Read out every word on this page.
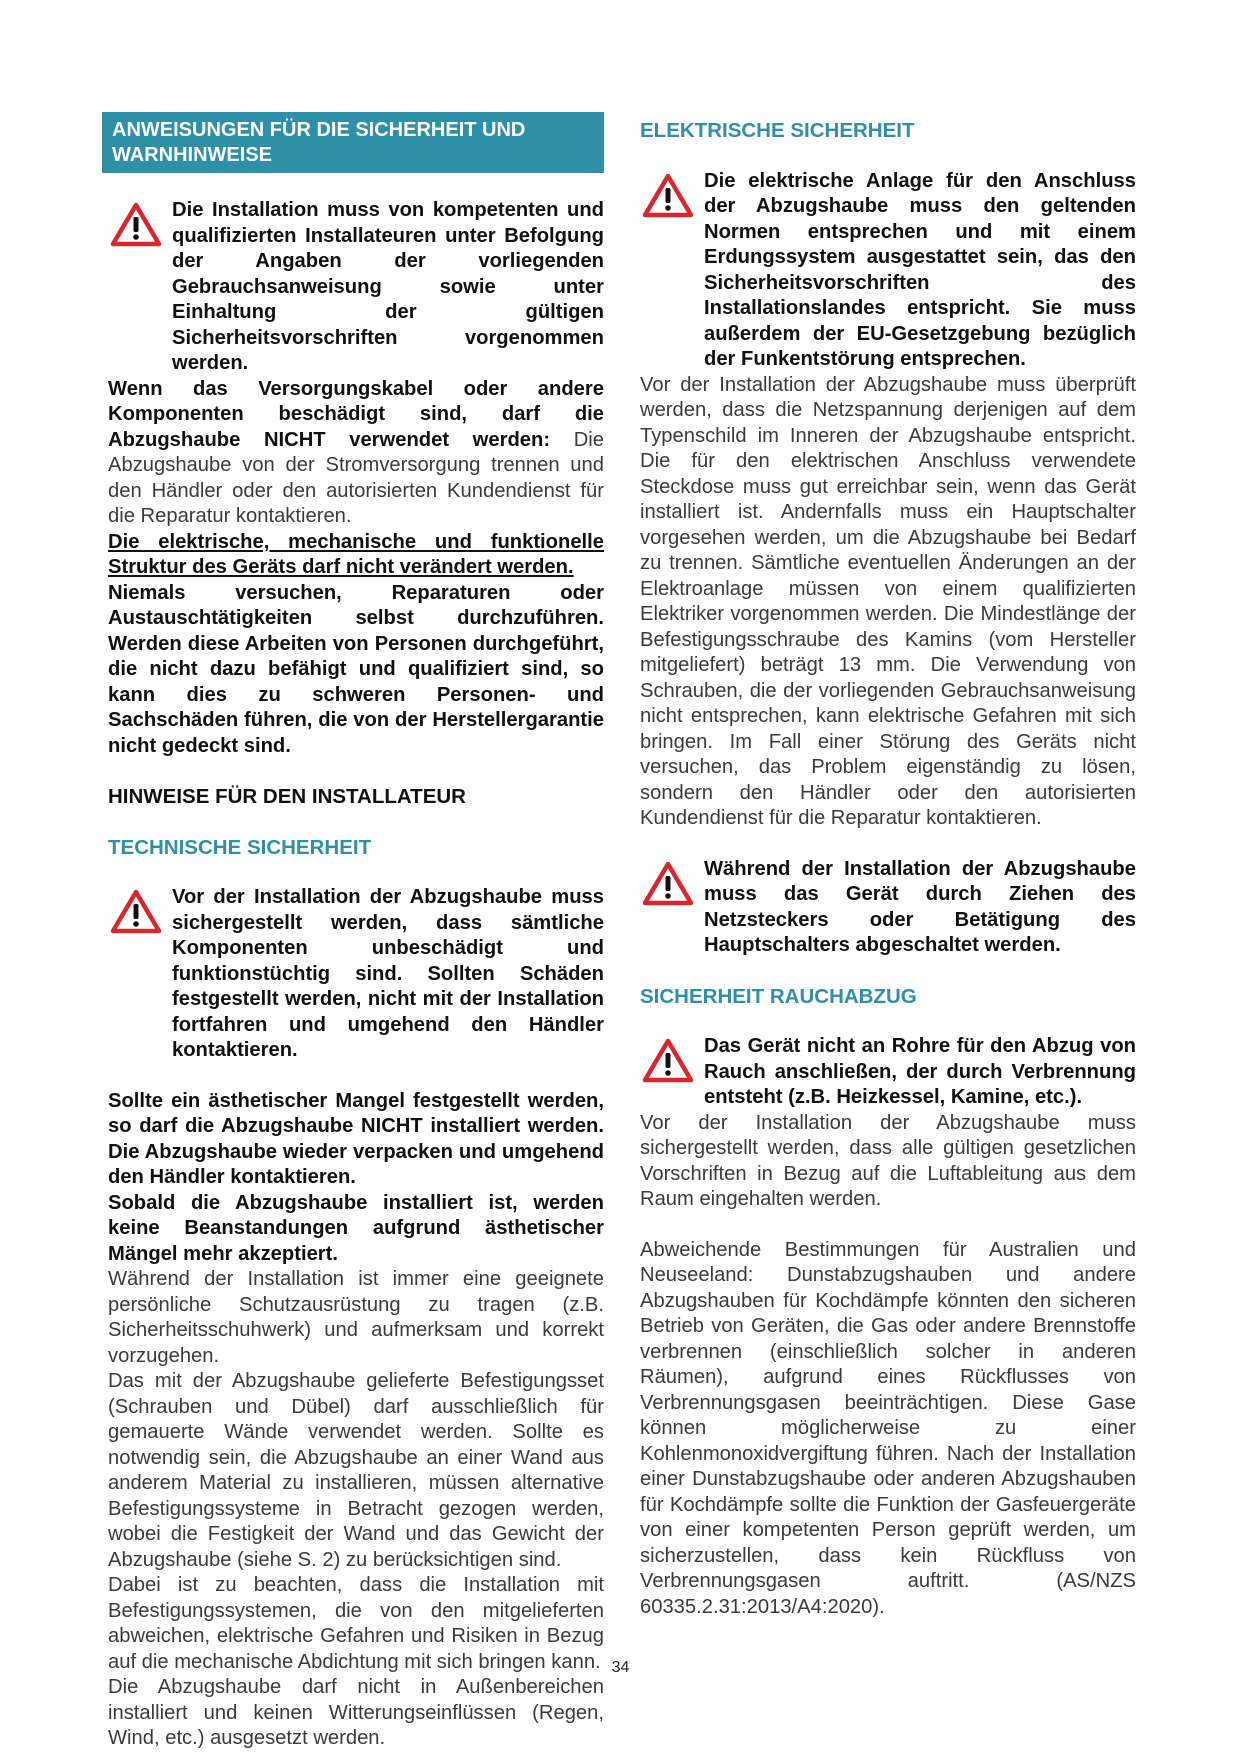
ANWEISUNGEN FÜR DIE SICHERHEIT UND WARNHINWEISE

Die Installation muss von kompetenten und qualifizierten Installateuren unter Befolgung der Angaben der vorliegenden Gebrauchsanweisung sowie unter Einhaltung der gültigen Sicherheitsvorschriften vorgenommen werden.

Wenn das Versorgungskabel oder andere Komponenten beschädigt sind, darf die Abzugshaube NICHT verwendet werden: Die Abzugshaube von der Stromversorgung trennen und den Händler oder den autorisierten Kundendienst für die Reparatur kontaktieren.

Die elektrische, mechanische und funktionelle Struktur des Geräts darf nicht verändert werden.

Niemals versuchen, Reparaturen oder Austauschtätigkeiten selbst durchzuführen. Werden diese Arbeiten von Personen durchgeführt, die nicht dazu befähigt und qualifiziert sind, so kann dies zu schweren Personen- und Sachschäden führen, die von der Herstellergarantie nicht gedeckt sind.

HINWEISE FÜR DEN INSTALLATEUR

TECHNISCHE SICHERHEIT

Vor der Installation der Abzugshaube muss sichergestellt werden, dass sämtliche Komponenten unbeschädigt und funktionstüchtig sind. Sollten Schäden festgestellt werden, nicht mit der Installation fortfahren und umgehend den Händler kontaktieren.

Sollte ein ästhetischer Mangel festgestellt werden, so darf die Abzugshaube NICHT installiert werden. Die Abzugshaube wieder verpacken und umgehend den Händler kontaktieren.

Sobald die Abzugshaube installiert ist, werden keine Beanstandungen aufgrund ästhetischer Mängel mehr akzeptiert.

Während der Installation ist immer eine geeignete persönliche Schutzausrüstung zu tragen (z.B. Sicherheitsschuhwerk) und aufmerksam und korrekt vorzugehen.

Das mit der Abzugshaube gelieferte Befestigungsset (Schrauben und Dübel) darf ausschließlich für gemauerte Wände verwendet werden. Sollte es notwendig sein, die Abzugshaube an einer Wand aus anderem Material zu installieren, müssen alternative Befestigungssysteme in Betracht gezogen werden, wobei die Festigkeit der Wand und das Gewicht der Abzugshaube (siehe S. 2) zu berücksichtigen sind.

Dabei ist zu beachten, dass die Installation mit Befestigungssystemen, die von den mitgelieferten abweichen, elektrische Gefahren und Risiken in Bezug auf die mechanische Abdichtung mit sich bringen kann.

Die Abzugshaube darf nicht in Außenbereichen installiert und keinen Witterungseinflüssen (Regen, Wind, etc.) ausgesetzt werden.

ELEKTRISCHE SICHERHEIT

Die elektrische Anlage für den Anschluss der Abzugshaube muss den geltenden Normen entsprechen und mit einem Erdungssystem ausgestattet sein, das den Sicherheitsvorschriften des Installationslandes entspricht. Sie muss außerdem der EU-Gesetzgebung bezüglich der Funkentstörung entsprechen.

Vor der Installation der Abzugshaube muss überprüft werden, dass die Netzspannung derjenigen auf dem Typenschild im Inneren der Abzugshaube entspricht. Die für den elektrischen Anschluss verwendete Steckdose muss gut erreichbar sein, wenn das Gerät installiert ist. Andernfalls muss ein Hauptschalter vorgesehen werden, um die Abzugshaube bei Bedarf zu trennen. Sämtliche eventuellen Änderungen an der Elektroanlage müssen von einem qualifizierten Elektriker vorgenommen werden. Die Mindestlänge der Befestigungsschraube des Kamins (vom Hersteller mitgeliefert) beträgt 13 mm. Die Verwendung von Schrauben, die der vorliegenden Gebrauchsanweisung nicht entsprechen, kann elektrische Gefahren mit sich bringen. Im Fall einer Störung des Geräts nicht versuchen, das Problem eigenständig zu lösen, sondern den Händler oder den autorisierten Kundendienst für die Reparatur kontaktieren.

Während der Installation der Abzugshaube muss das Gerät durch Ziehen des Netzsteckers oder Betätigung des Hauptschalters abgeschaltet werden.

SICHERHEIT RAUCHABZUG

Das Gerät nicht an Rohre für den Abzug von Rauch anschließen, der durch Verbrennung entsteht (z.B. Heizkessel, Kamine, etc.).

Vor der Installation der Abzugshaube muss sichergestellt werden, dass alle gültigen gesetzlichen Vorschriften in Bezug auf die Luftableitung aus dem Raum eingehalten werden.

Abweichende Bestimmungen für Australien und Neuseeland: Dunstabzugshauben und andere Abzugshauben für Kochdämpfe könnten den sicheren Betrieb von Geräten, die Gas oder andere Brennstoffe verbrennen (einschließlich solcher in anderen Räumen), aufgrund eines Rückflusses von Verbrennungsgasen beeinträchtigen. Diese Gase können möglicherweise zu einer Kohlenmonoxidvergiftung führen. Nach der Installation einer Dunstabzugshaube oder anderen Abzugshauben für Kochdämpfe sollte die Funktion der Gasfeuergeräte von einer kompetenten Person geprüft werden, um sicherzustellen, dass kein Rückfluss von Verbrennungsgasen auftritt. (AS/NZS 60335.2.31:2013/A4:2020).

34
